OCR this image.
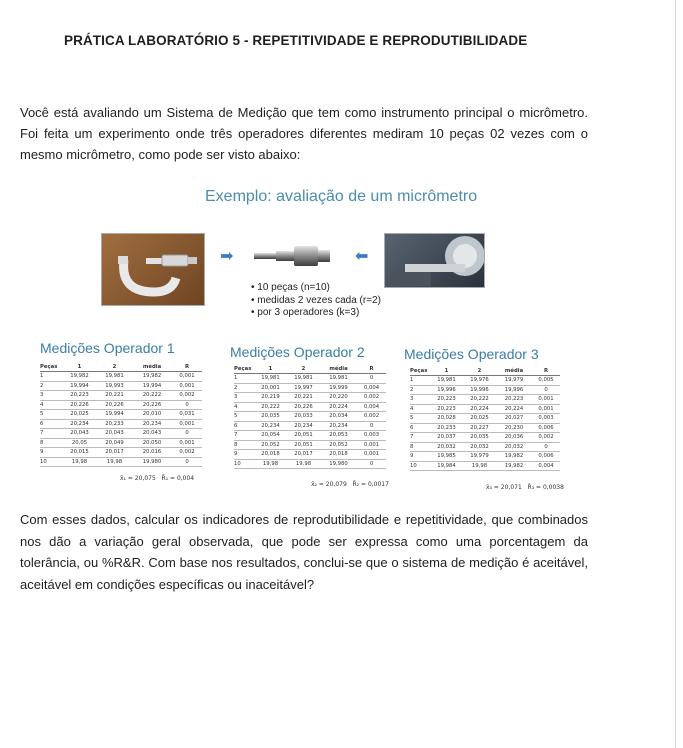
PRÁTICA LABORATÓRIO 5 - REPETITIVIDADE E REPRODUTIBILIDADE

Você está avaliando um Sistema de Medição que tem como instrumento principal o micrômetro. Foi feita um experimento onde três operadores diferentes mediram 10 peças 02 vezes com o mesmo micrômetro, como pode ser visto abaixo:

Exemplo: avaliação de um micrômetro
➡	⬅
• 10 peças (n=10)
• medidas 2 vezes cada (r=2)
• por 3 operadores (k=3)
Medições Operador 1
Peças	1	2	média	R
1	19,982	19,981	19,982	0,001
2	19,994	19,993	19,994	0,001
3	20,223	20,221	20,222	0,002
4	20,226	20,226	20,226	0
5	20,025	19,994	20,010	0,031
6	20,234	20,233	20,234	0,001
7	20,043	20,043	20,043	0
8	20,05	20,049	20,050	0,001
9	20,015	20,017	20,016	0,002
10	19,98	19,98	19,980	0
x̄₁ = 20,075 R̄₁ = 0,004
Medições Operador 2
Peças	1	2	média	R
1	19,981	19,981	19,981	0
2	20,001	19,997	19,999	0,004
3	20,219	20,221	20,220	0,002
4	20,222	20,226	20,224	0,004
5	20,035	20,033	20,034	0,002
6	20,234	20,234	20,234	0
7	20,054	20,051	20,053	0,003
8	20,052	20,051	20,052	0,001
9	20,018	20,017	20,018	0,001
10	19,98	19,98	19,980	0
x̄₂ = 20,079 R̄₂ = 0,0017
Medições Operador 3
Peças	1	2	média	R
1	19,981	19,976	19,979	0,005
2	19,996	19,996	19,996	0
3	20,223	20,222	20,223	0,001
4	20,223	20,224	20,224	0,001
5	20,028	20,025	20,027	0,003
6	20,233	20,227	20,230	0,006
7	20,037	20,035	20,036	0,002
8	20,032	20,032	20,032	0
9	19,985	19,979	19,982	0,006
10	19,984	19,98	19,982	0,004
x̄₃ = 20,071 R̄₃ = 0,0038

Com esses dados, calcular os indicadores de reprodutibilidade e repetitividade, que combinados nos dão a variação geral observada, que pode ser expressa como uma porcentagem da tolerância, ou %R&R. Com base nos resultados, conclui-se que o sistema de medição é aceitável, aceitável em condições específicas ou inaceitável?
